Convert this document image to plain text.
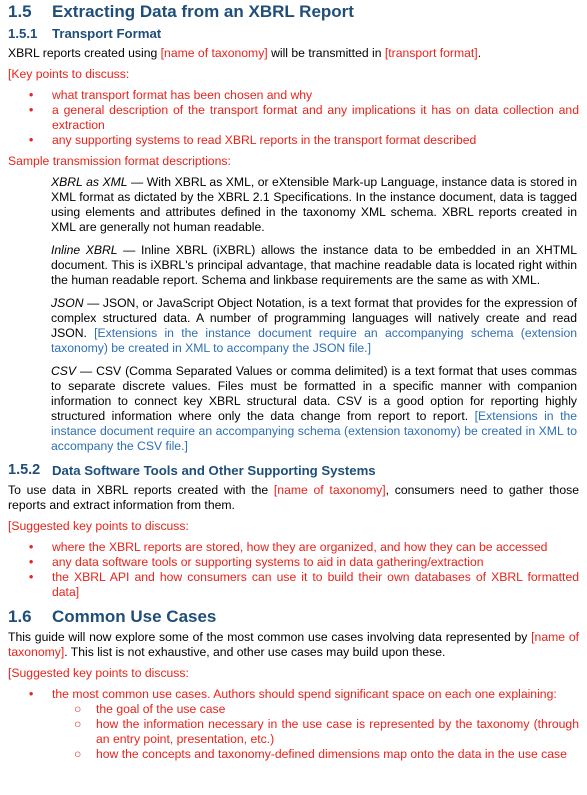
1.5	Extracting Data from an XBRL Report
1.5.1	Transport Format

XBRL reports created using [name of taxonomy] will be transmitted in [transport format].

[Key points to discuss:

• what transport format has been chosen and why
• a general description of the transport format and any implications it has on data collection and extraction
• any supporting systems to read XBRL reports in the transport format described

Sample transmission format descriptions:

XBRL as XML — With XBRL as XML, or eXtensible Mark-up Language, instance data is stored in XML format as dictated by the XBRL 2.1 Specifications. In the instance document, data is tagged using elements and attributes defined in the taxonomy XML schema. XBRL reports created in XML are generally not human readable.

Inline XBRL — Inline XBRL (iXBRL) allows the instance data to be embedded in an XHTML document. This is iXBRL's principal advantage, that machine readable data is located right within the human readable report. Schema and linkbase requirements are the same as with XML.

JSON — JSON, or JavaScript Object Notation, is a text format that provides for the expression of complex structured data. A number of programming languages will natively create and read JSON. [Extensions in the instance document require an accompanying schema (extension taxonomy) be created in XML to accompany the JSON file.]

CSV — CSV (Comma Separated Values or comma delimited) is a text format that uses commas to separate discrete values. Files must be formatted in a specific manner with companion information to connect key XBRL structural data. CSV is a good option for reporting highly structured information where only the data change from report to report. [Extensions in the instance document require an accompanying schema (extension taxonomy) be created in XML to accompany the CSV file.]

1.5.2 Data Software Tools and Other Supporting Systems

To use data in XBRL reports created with the [name of taxonomy], consumers need to gather those reports and extract information from them.

[Suggested key points to discuss:

• where the XBRL reports are stored, how they are organized, and how they can be accessed
• any data software tools or supporting systems to aid in data gathering/extraction
• the XBRL API and how consumers can use it to build their own databases of XBRL formatted data]
1.6	Common Use Cases

This guide will now explore some of the most common use cases involving data represented by [name of taxonomy]. This list is not exhaustive, and other use cases may build upon these.

[Suggested key points to discuss:

• the most common use cases. Authors should spend significant space on each one explaining:
○ the goal of the use case
○ how the information necessary in the use case is represented by the taxonomy (through an entry point, presentation, etc.)
○ how the concepts and taxonomy-defined dimensions map onto the data in the use case
